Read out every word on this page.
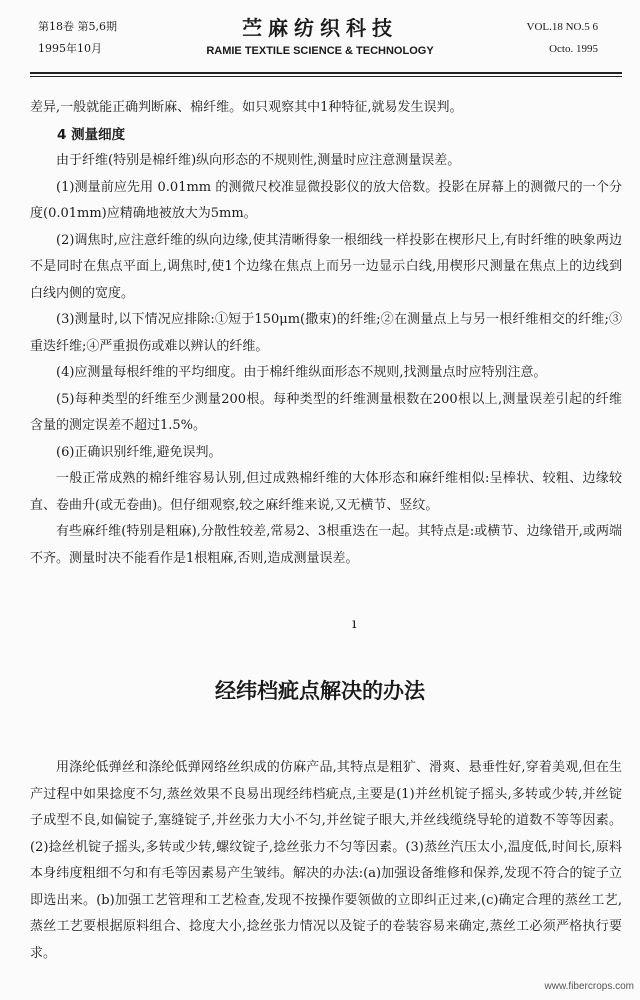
第18卷 第5,6期
1995年10月
苎麻纺织科技
RAMIE TEXTILE SCIENCE & TECHNOLOGY
VOL.18 NO.5 6
Octo. 1995

差异,一般就能正确判断麻、棉纤维。如只观察其中1种特征,就易发生误判。

4 测量细度

由于纤维(特别是棉纤维)纵向形态的不规则性,测量时应注意测量误差。

(1)测量前应先用 0.01mm 的测微尺校准显微投影仪的放大倍数。投影在屏幕上的测微尺的一个分度(0.01mm)应精确地被放大为5mm。

(2)调焦时,应注意纤维的纵向边缘,使其清晰得象一根细线一样投影在楔形尺上,有时纤维的映象两边不是同时在焦点平面上,调焦时,使1个边缘在焦点上而另一边显示白线,用楔形尺测量在焦点上的边线到白线内侧的宽度。

(3)测量时,以下情况应排除:①短于150μm(撒束)的纤维;②在测量点上与另一根纤维相交的纤维;③重迭纤维;④严重损伤或难以辨认的纤维。

(4)应测量每根纤维的平均细度。由于棉纤维纵面形态不规则,找测量点时应特别注意。

(5)每种类型的纤维至少测量200根。每种类型的纤维测量根数在200根以上,测量误差引起的纤维含量的测定误差不超过1.5%。

(6)正确识别纤维,避免误判。

一般正常成熟的棉纤维容易认别,但过成熟棉纤维的大体形态和麻纤维相似:呈棒状、较粗、边缘较直、卷曲升(或无卷曲)。但仔细观察,较之麻纤维来说,又无横节、竖纹。

有些麻纤维(特别是粗麻),分散性较差,常易2、3根重迭在一起。其特点是:或横节、边缘错开,或两端不齐。测量时决不能看作是1根粗麻,否则,造成测量误差。

ı
经纬档疵点解决的办法

用涤纶低弹丝和涤纶低弹网络丝织成的仿麻产品,其特点是粗犷、滑爽、悬垂性好,穿着美观,但在生产过程中如果捻度不匀,蒸丝效果不良易出现经纬档疵点,主要是(1)并丝机锭子摇头,多转或少转,并丝锭子成型不良,如偏锭子,塞缝锭子,并丝张力大小不匀,并丝锭子眼大,并丝线缆绕导轮的道数不等等因素。(2)捻丝机锭子摇头,多转或少转,螺纹锭子,捻丝张力不匀等因素。(3)蒸丝汽压太小,温度低,时间长,原料本身纬度粗细不匀和有毛等因素易产生皱纬。解决的办法:(a)加强设备维修和保养,发现不符合的锭子立即选出来。(b)加强工艺管理和工艺检查,发现不按操作要领做的立即纠正过来,(c)确定合理的蒸丝工艺,蒸丝工艺要根据原料组合、捻度大小,捻丝张力情况以及锭子的卷装容易来确定,蒸丝工必须严格执行要求。

www.fibercrops.com
